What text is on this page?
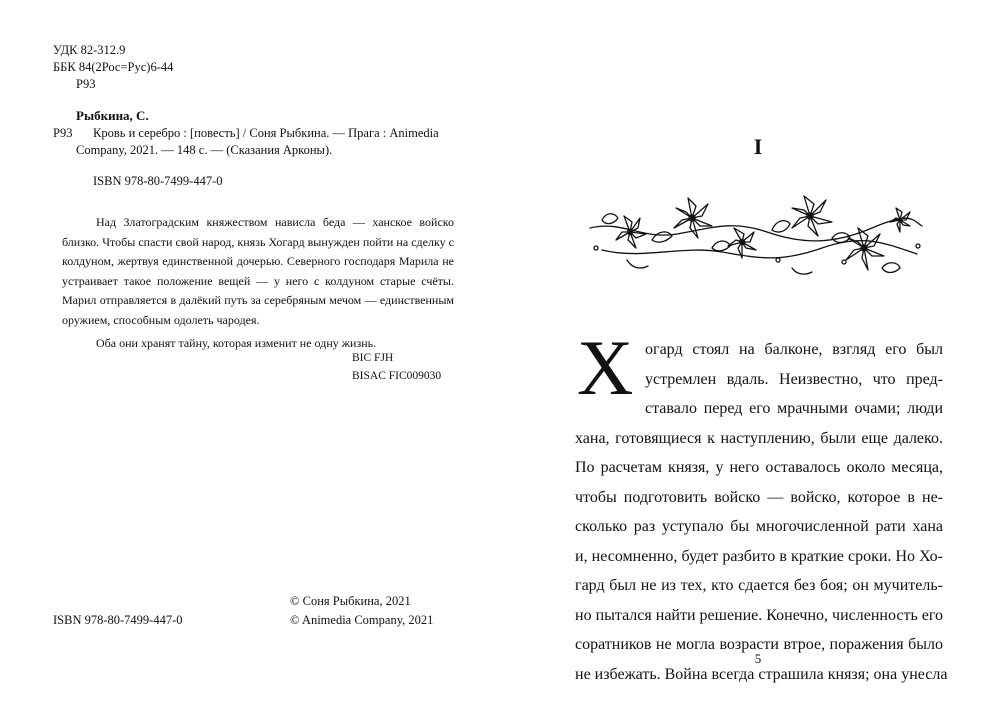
УДК 82-312.9

ББК 84(2Рос=Рус)6-44

Р93

Рыбкина, С.

Р93 Кровь и серебро : [повесть] / Соня Рыбкина. — Прага : Animedia

Company, 2021. — 148 с. — (Сказания Арконы).

ISBN 978-80-7499-447-0

Над Златоградским княжеством нависла беда — ханское войско близко. Чтобы спасти свой народ, князь Хогард вынужден пойти на сделку с колдуном, жертвуя единственной дочерью. Северного господаря Марила не устраивает такое положение вещей — у него с колдуном старые счёты. Марил отправляется в далёкий путь за серебряным мечом — единственным оружием, способным одолеть чародея.

Оба они хранят тайну, которая изменит не одну жизнь.

BIC FJH

BISAC FIC009030

ISBN 978-80-7499-447-0

© Соня Рыбкина, 2021

© Animedia Company, 2021

I
Х огард стоял на балконе, взгляд его был
устремлен вдаль. Неизвестно, что пред-
ставало перед его мрачными очами; люди
хана, готовящиеся к наступлению, были еще далеко.
По расчетам князя, у него оставалось около месяца,
чтобы подготовить войско — войско, которое в не-
сколько раз уступало бы многочисленной рати хана
и, несомненно, будет разбито в краткие сроки. Но Хо-
гард был не из тех, кто сдается без боя; он мучитель-
но пытался найти решение. Конечно, численность его
соратников не могла возрасти втрое, поражения было
не избежать. Война всегда страшила князя; она унесла
5
